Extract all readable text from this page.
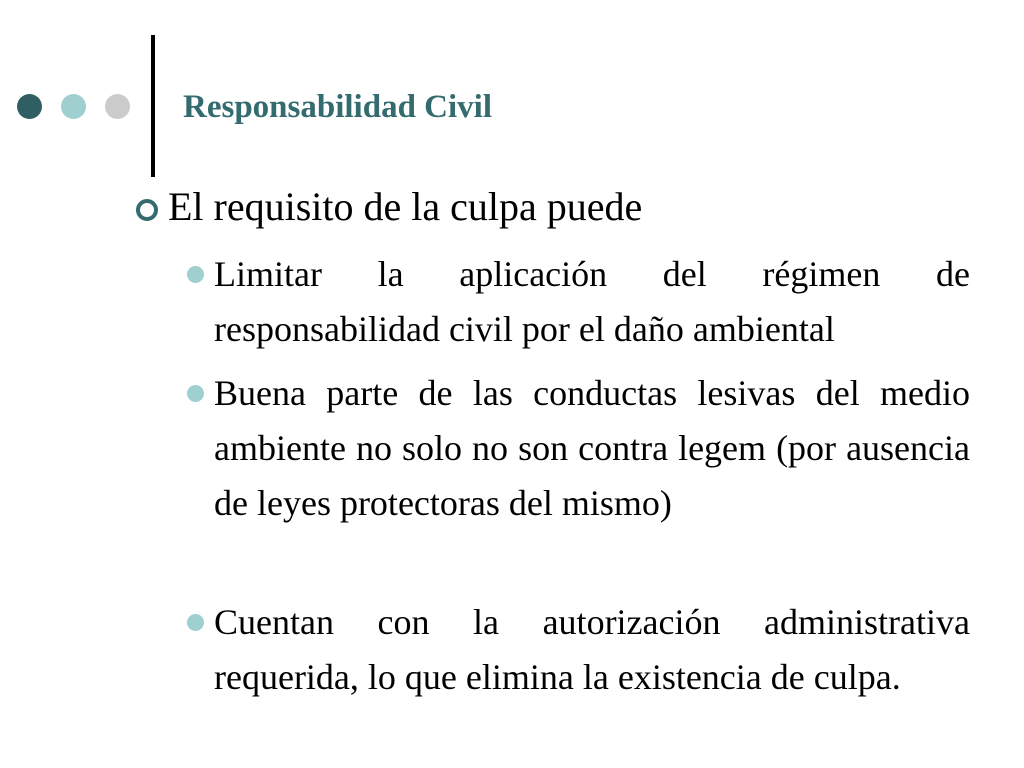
Responsabilidad Civil
El requisito de la culpa puede
Limitar la aplicación del régimen de responsabilidad civil por el daño ambiental
Buena parte de las conductas lesivas del medio ambiente no solo no son contra legem (por ausencia de leyes protectoras del mismo)
Cuentan con la autorización administrativa requerida, lo que elimina la existencia de culpa.
